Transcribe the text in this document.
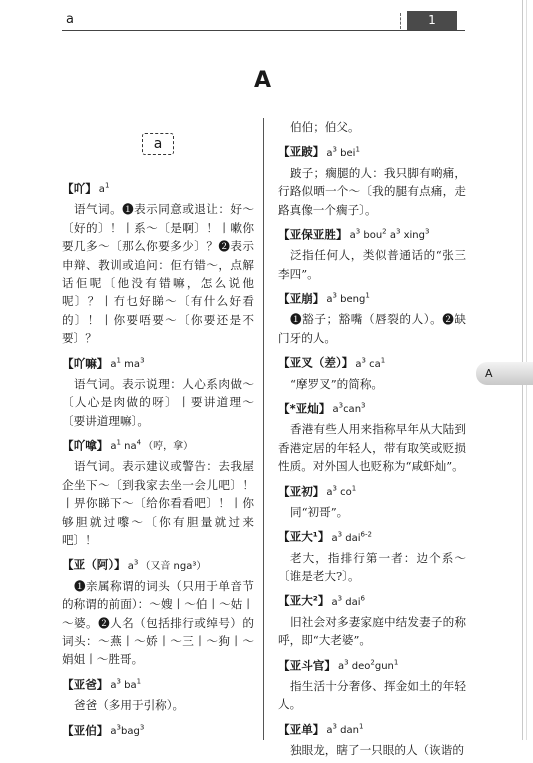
a	1
A
a
【吖】 $a^1$
语气词。❶表示同意或退让：好～〔好的〕！丨系～〔是啊〕！丨嗽你要几多～〔那么你要多少〕？❷表示申辩、教训或追问：佢冇错～，点解话佢呢〔他没有错嘛，怎么说他呢〕？丨冇乜好睇～〔有什么好看的〕！丨你要唔要～〔你要还是不要〕？
【吖嘛】 $a^1$ $ma^3$
语气词。表示说理：人心系肉做～〔人心是肉做的呀〕丨要讲道理～〔要讲道理嘛〕。
【吖嗱】 $a^1$ $na^4$ （哼，拿）
语气词。表示建议或警告：去我屋企坐下～〔到我家去坐一会儿吧〕！丨畀你睇下～〔给你看看吧〕！丨你够胆就过嚟～〔你有胆量就过来吧〕！
【亚（阿）】 $a^3$ （又音 nga³）
❶亲属称谓的词头（只用于单音节的称谓的前面）：～嫂丨～伯丨～姑丨～婆。❷人名（包括排行或绰号）的词头：～燕丨～娇丨～三丨～狗丨～娟姐丨～胜哥。
【亚爸】 $a^3$ $ba^1$
爸爸（多用于引称）。
【亚伯】 $a^3bag^3$
伯伯；伯父。
【亚跛】 $a^3$ bei$^1$
跛子；瘸腿的人：我只脚有啲痛，行路似晒一个～〔我的腿有点痛，走路真像一个瘸子〕。
【亚保亚胜】 $a^3$ bou$^2$ $a^3$ xing$^3$
泛指任何人，类似普通话的“张三李四”。
【亚崩】 $a^3$ beng$^1$
❶豁子；豁嘴（唇裂的人）。❷缺门牙的人。
【亚叉（差）】 $a^3$ $ca^1$
“摩罗叉”的简称。
【*亚灿】 $a^3can^3$
香港有些人用来指称早年从大陆到香港定居的年轻人，带有取笑或贬损性质。对外国人也贬称为“咸虾灿”。
【亚初】 $a^3$ $co^1$
同“初哥”。
【亚大¹】 $a^3$ dai$^{6-2}$
老大，指排行第一者：边个系～〔谁是老大?〕。
【亚大²】 $a^3$ dai$^6$
旧社会对多妻家庭中结发妻子的称呼，即“大老婆”。
【亚斗官】 $a^3$ deo$^2$gun$^1$
指生活十分奢侈、挥金如土的年轻人。
【亚单】 $a^3$ dan$^1$
独眼龙，瞎了一只眼的人（诙谐的
A
